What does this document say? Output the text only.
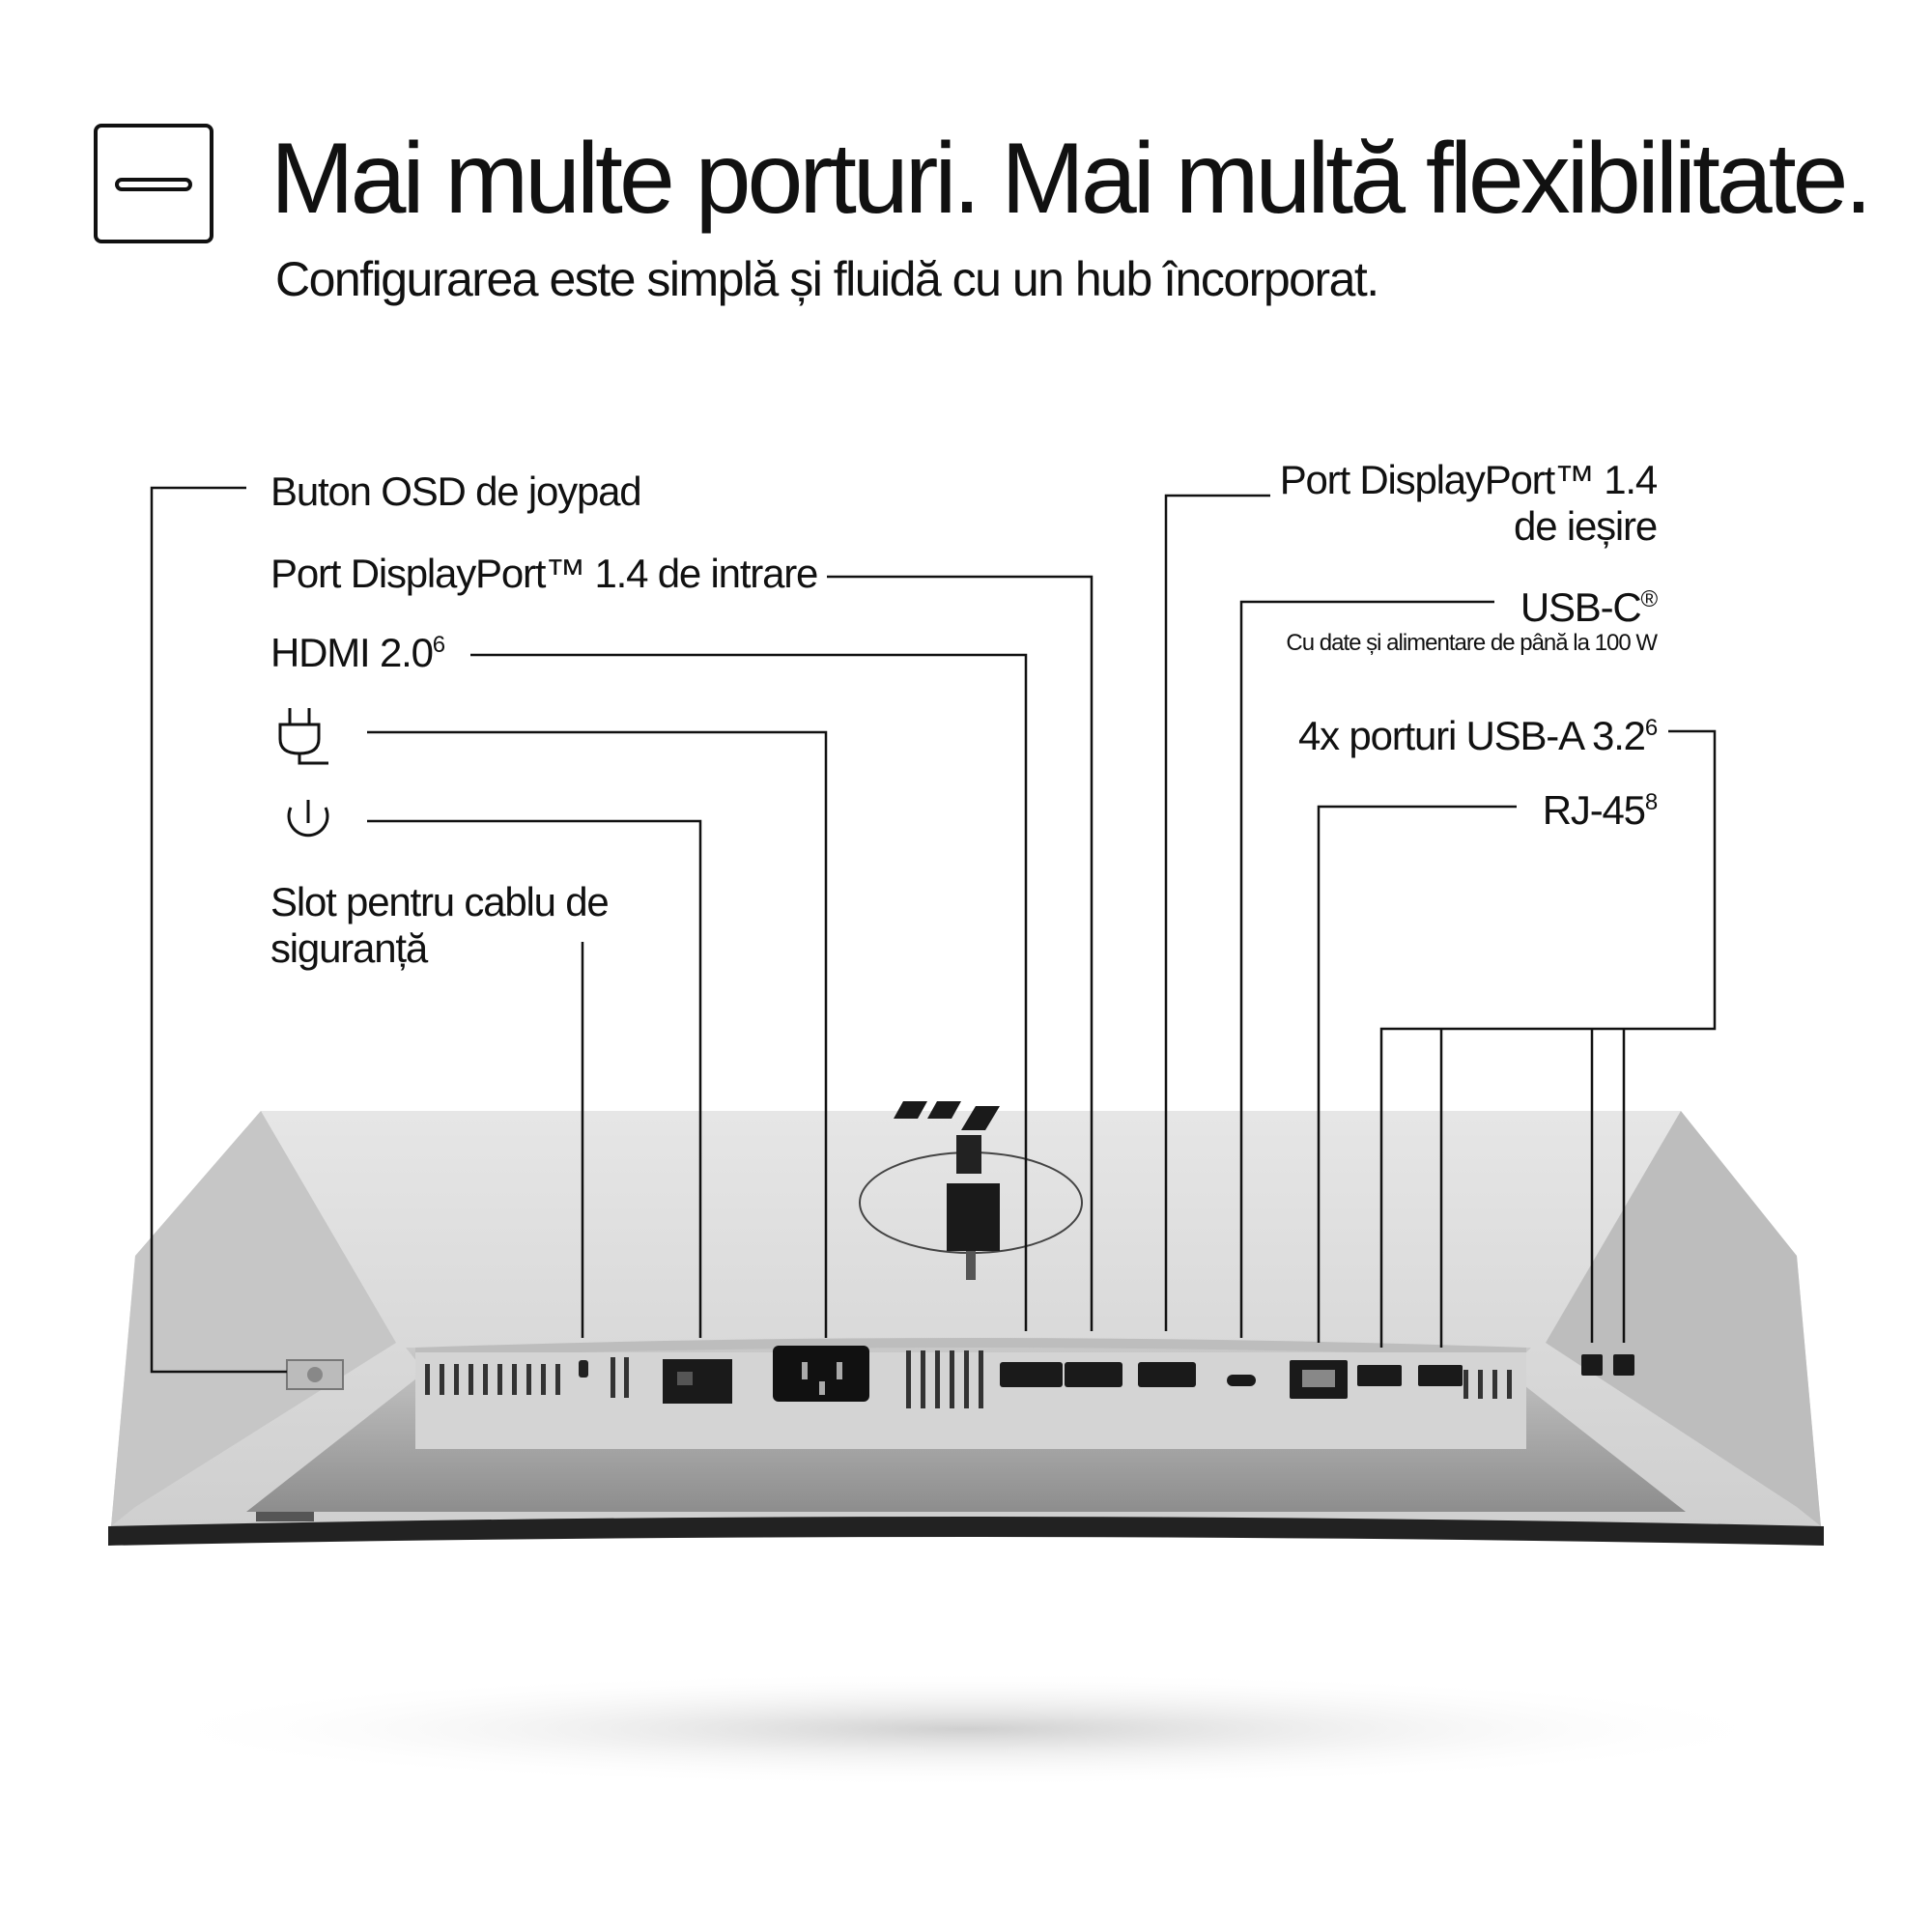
Mai multe porturi. Mai multă flexibilitate.
Configurarea este simplă și fluidă cu un hub încorporat.
Buton OSD de joypad
Port DisplayPort™ 1.4 de intrare
HDMI $2.0^6$
Slot pentru cablu de
siguranță
Port DisplayPort™ 1.4
de ieșire
USB-C®
Cu date și alimentare de până la 100 W
4x porturi USB-A $3.2^6$
$RJ-45^8$
